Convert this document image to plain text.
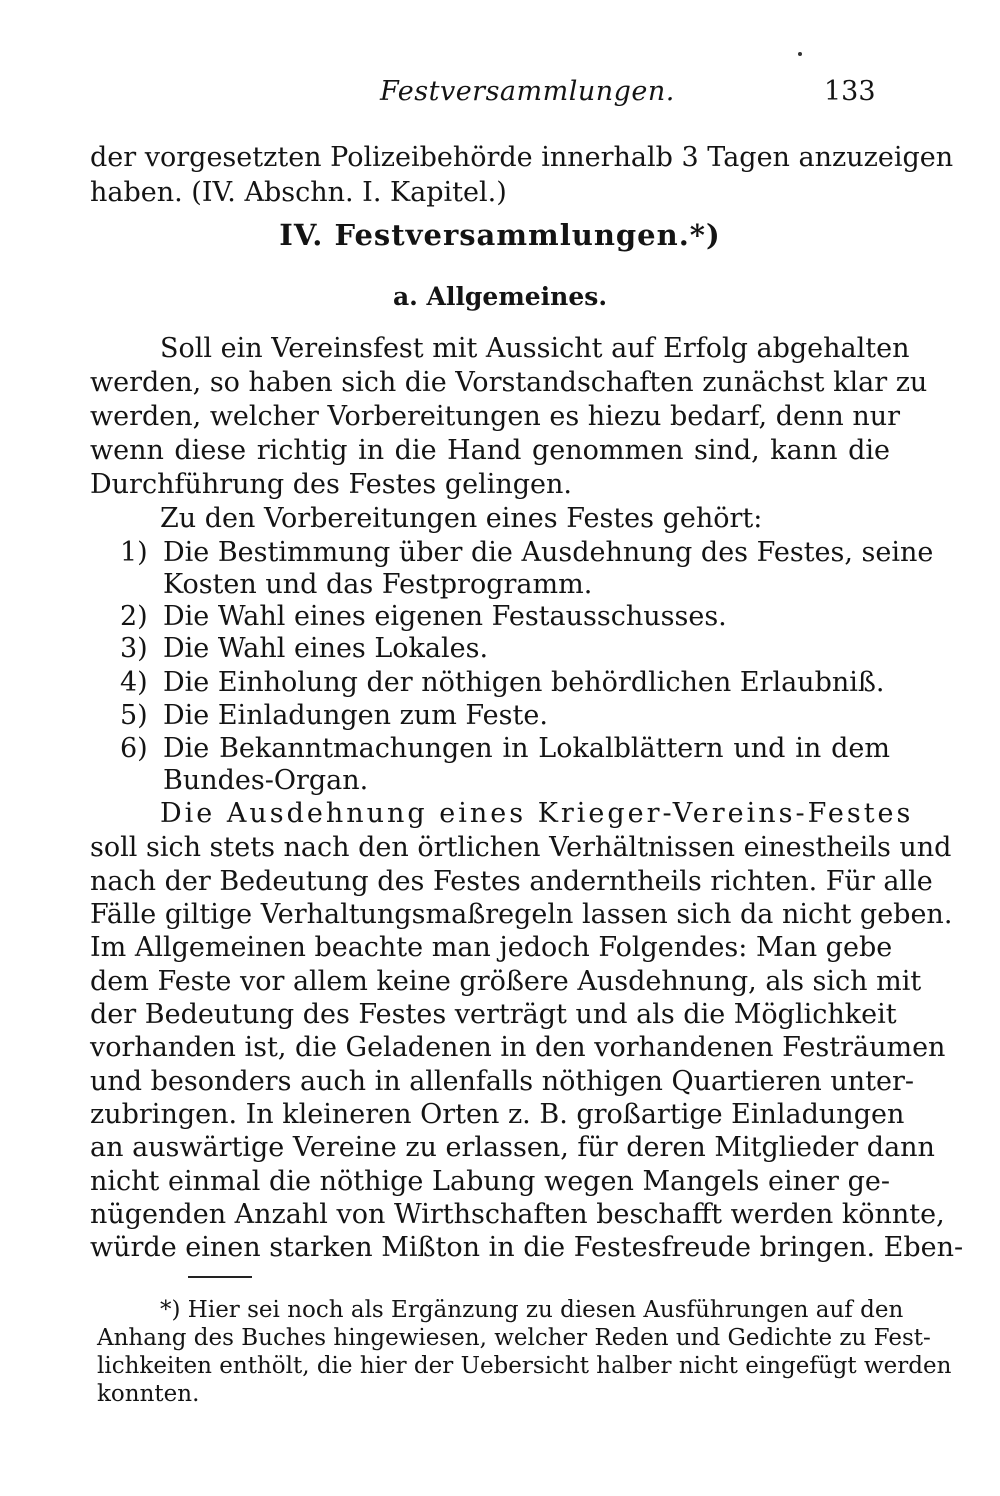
Festversammlungen.	133
der vorgesetzten Polizeibehörde innerhalb 3 Tagen anzuzeigen
haben. (IV. Abschn. I. Kapitel.)
IV. Festversammlungen.*)
a. Allgemeines.
Soll ein Vereinsfest mit Aussicht auf Erfolg abgehalten
werden, so haben sich die Vorstandschaften zunächst klar zu
werden, welcher Vorbereitungen es hiezu bedarf, denn nur
wenn diese richtig in die Hand genommen sind, kann die
Durchführung des Festes gelingen.
Zu den Vorbereitungen eines Festes gehört:
1) Die Bestimmung über die Ausdehnung des Festes, seine
Kosten und das Festprogramm.
2) Die Wahl eines eigenen Festausschusses.
3) Die Wahl eines Lokales.
4) Die Einholung der nöthigen behördlichen Erlaubniß.
5) Die Einladungen zum Feste.
6) Die Bekanntmachungen in Lokalblättern und in dem
Bundes-Organ.
Die Ausdehnung eines Krieger-Vereins-Festes
soll sich stets nach den örtlichen Verhältnissen einestheils und
nach der Bedeutung des Festes anderntheils richten. Für alle
Fälle giltige Verhaltungsmaßregeln lassen sich da nicht geben.
Im Allgemeinen beachte man jedoch Folgendes: Man gebe
dem Feste vor allem keine größere Ausdehnung, als sich mit
der Bedeutung des Festes verträgt und als die Möglichkeit
vorhanden ist, die Geladenen in den vorhandenen Festräumen
und besonders auch in allenfalls nöthigen Quartieren unter-
zubringen. In kleineren Orten z. B. großartige Einladungen
an auswärtige Vereine zu erlassen, für deren Mitglieder dann
nicht einmal die nöthige Labung wegen Mangels einer ge-
nügenden Anzahl von Wirthschaften beschafft werden könnte,
würde einen starken Mißton in die Festesfreude bringen. Eben-
*) Hier sei noch als Ergänzung zu diesen Ausführungen auf den
Anhang des Buches hingewiesen, welcher Reden und Gedichte zu Fest-
lichkeiten enthölt, die hier der Uebersicht halber nicht eingefügt werden
konnten.
